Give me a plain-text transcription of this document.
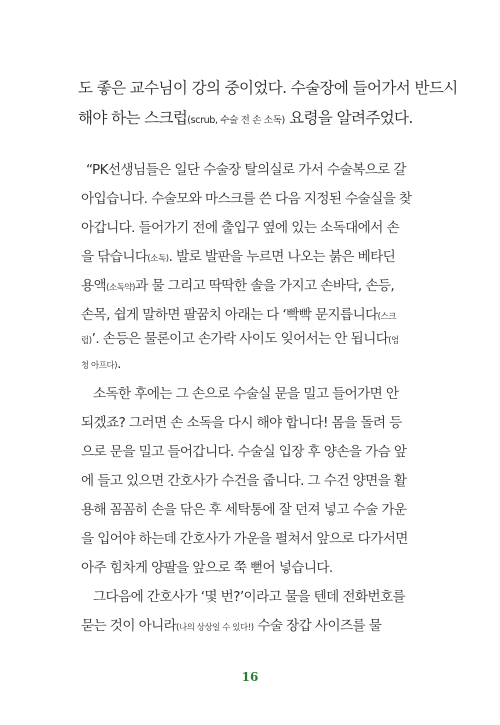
도 좋은 교수님이 강의 중이었다. 수술장에 들어가서 반드시
해야 하는 스크럽(scrub, 수술 전 손 소독) 요령을 알려주었다.
“PK선생님들은 일단 수술장 탈의실로 가서 수술복으로 갈
아입습니다. 수술모와 마스크를 쓴 다음 지정된 수술실을 찾
아갑니다. 들어가기 전에 출입구 옆에 있는 소독대에서 손
을 닦습니다(소독). 발로 발판을 누르면 나오는 붉은 베타딘
용액(소독약)과 물 그리고 딱딱한 솔을 가지고 손바닥, 손등,
손목, 쉽게 말하면 팔꿈치 아래는 다 ‘빡빡 문지릅니다(스크
럽)’. 손등은 물론이고 손가락 사이도 잊어서는 안 됩니다(엄
청 아프다).
소독한 후에는 그 손으로 수술실 문을 밀고 들어가면 안
되겠죠? 그러면 손 소독을 다시 해야 합니다! 몸을 돌려 등
으로 문을 밀고 들어갑니다. 수술실 입장 후 양손을 가슴 앞
에 들고 있으면 간호사가 수건을 줍니다. 그 수건 양면을 활
용해 꼼꼼히 손을 닦은 후 세탁통에 잘 던져 넣고 수술 가운
을 입어야 하는데 간호사가 가운을 펼쳐서 앞으로 다가서면
아주 힘차게 양팔을 앞으로 쭉 뻗어 넣습니다.
그다음에 간호사가 ‘몇 번?’이라고 물을 텐데 전화번호를
묻는 것이 아니라(나의 상상일 수 있다!) 수술 장갑 사이즈를 물
16
